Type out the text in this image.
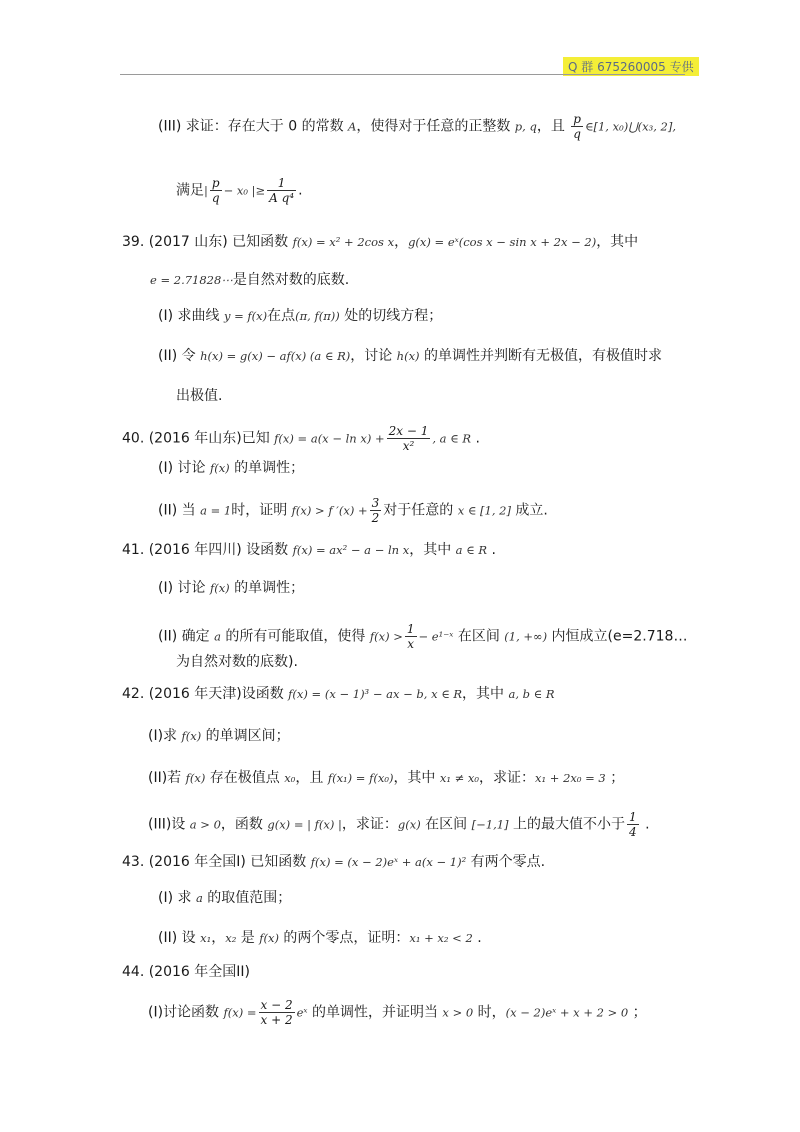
Q 群 675260005 专供
(III) 求证：存在大于 0 的常数 A，使得对于任意的正整数 p, q，且 $\frac{p}{q}$ ∈[1, x₀)⋃(x₃, 2],
满足| $\frac{p}{q} - x_0$ |≥ $\frac{1}{\text{A q⁴}}$ .
39. (2017 山东) 已知函数 f(x) = x² + 2cos x，g(x) = eˣ(cos x − sin x + 2x − 2)，其中
e = 2.71828⋯是自然对数的底数.
(I) 求曲线 y = f(x)在点(π, f(π)) 处的切线方程；
(II) 令 h(x) = g(x) − af(x) (a ∈ R)，讨论 h(x) 的单调性并判断有无极值，有极值时求
出极值.
40. (2016 年山东)已知 $f(x) = a(x - \ln x) + \frac{2x - 1}{\text{x²}}$ , a ∈ R .
(I) 讨论 f(x) 的单调性；
(II) 当 a = 1时，证明 f(x) > f $'(x) + \frac{3}{2}$ 对于任意的 x ∈ [1, 2] 成立.
41. (2016 年四川) 设函数 f(x) = ax² − a − ln x，其中 a ∈ R .
(I) 讨论 f(x) 的单调性；
(II) 确定 a 的所有可能取值，使得 $f(x) > \frac{1}{x}$ − e¹⁻ˣ 在区间 (1, +∞) 内恒成立(e=2.718…
为自然对数的底数).
42. (2016 年天津)设函数 f(x) = (x − 1)³ − ax − b, x ∈ R，其中 a, b ∈ R
(I)求 f(x) 的单调区间；
(II)若 f(x) 存在极值点 x₀，且 f(x₁) = f(x₀)，其中 x₁ ≠ x₀，求证：x₁ + 2x₀ = 3 ；
(III)设 a > 0，函数 g(x) = | f(x) |，求证：g(x) 在区间 [−1,1] 上的最大值不小于 $\frac{1}{4}$ .
43. (2016 年全国I) 已知函数 f(x) = (x − 2)eˣ + a(x − 1)² 有两个零点.
(I) 求 a 的取值范围；
(II) 设 x₁，x₂ 是 f(x) 的两个零点，证明：x₁ + x₂ < 2 .
44. (2016 年全国II)
(I)讨论函数 $f(x) = \frac{x - 2}{x + 2}$ eˣ 的单调性，并证明当 x > 0 时，(x − 2)eˣ + x + 2 > 0 ；
